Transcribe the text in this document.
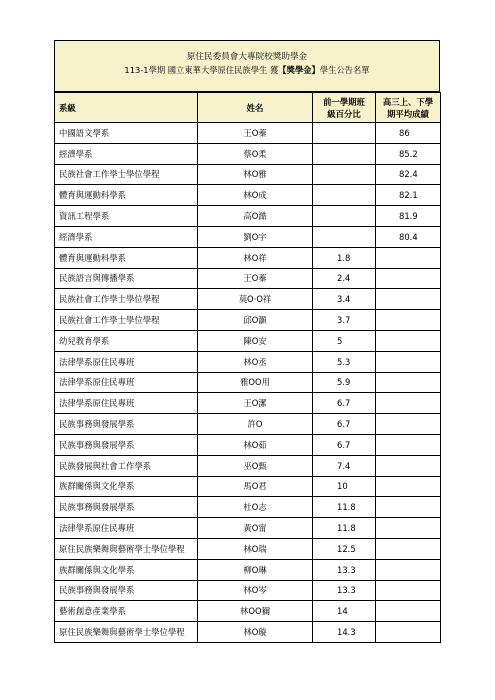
原住民委員會大專院校獎助學金
113-1學期 國立東華大學原住民族學生 獲【獎學金】學生公告名單
系級	姓名	前一學期班
級百分比	高三上、下學
期平均成績
中國語文學系	王O蓁		86
經濟學系	蔡O柔		85.2
民族社會工作學士學位學程	林O雅		82.4
體育與運動科學系	林O成		82.1
資訊工程學系	高O澔		81.9
經濟學系	劉O宇		80.4
體育與運動科學系	林O祥	1.8	
民族語言與傳播學系	王O蓁	2.4	
民族社會工作學士學位學程	莫O‧O祥	3.4	
民族社會工作學士學位學程	邱O灝	3.7	
幼兒教育學系	陳O安	5	
法律學系原住民專班	林O丞	5.3	
法律學系原住民專班	雅OO用	5.9	
法律學系原住民專班	王O潔	6.7	
民族事務與發展學系	許O	6.7	
民族事務與發展學系	林O茹	6.7	
民族發展與社會工作學系	巫O甄	7.4	
族群關係與文化學系	馬O君	10	
民族事務與發展學系	杜O志	11.8	
法律學系原住民專班	黃O甯	11.8	
原住民族樂舞與藝術學士學位學程	林O瑞	12.5	
族群關係與文化學系	柳O琳	13.3	
民族事務與發展學系	林O岑	13.3	
藝術創意產業學系	林OO獮	14	
原住民族樂舞與藝術學士學位學程	林O璇	14.3	
